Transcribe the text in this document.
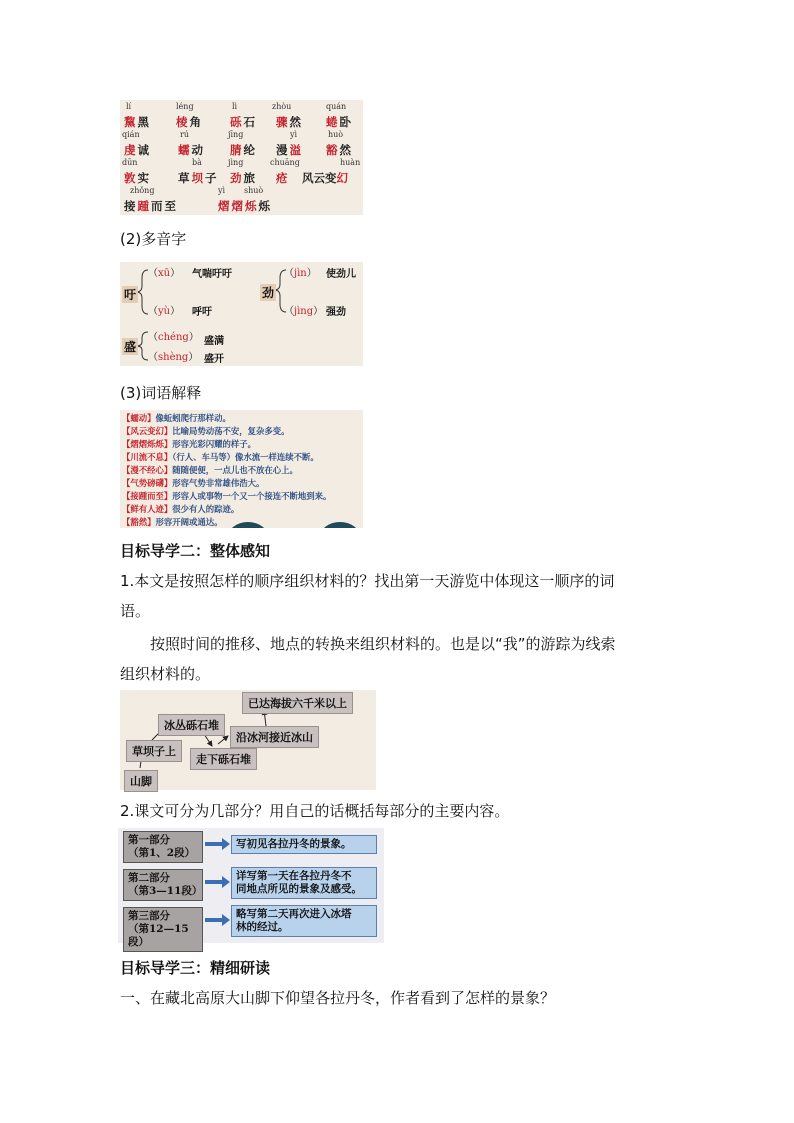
lí	léng	lì	zhòu	quán
黧黑 棱角 砾石 骤然 蜷卧
qián	rú	jīng	yì	huò
虔诚 蠕动 腈纶 漫溢 豁然
dūn	bà	jìng	chuāng	huàn
敦实 草坝子 劲旅 疮 风云变幻
zhǒng	yì shuò
接踵而至	熠熠烁烁
(2)多音字
吁
（xū） 气喘吁吁
（yù） 呼吁
劲
（jìn） 使劲儿
（jìng） 强劲
盛
（chéng） 盛满
（shèng） 盛开
(3)词语解释
【蠕动】像蚯蚓爬行那样动。
【风云变幻】比喻局势动荡不安，复杂多变。
【熠熠烁烁】形容光彩闪耀的样子。
【川流不息】（行人、车马等）像水流一样连续不断。
【漫不经心】随随便便，一点儿也不放在心上。
【气势磅礴】形容气势非常雄伟浩大。
【接踵而至】形容人或事物一个又一个接连不断地到来。
【鲜有人迹】很少有人的踪迹。
【豁然】形容开阔或通达。
目标导学二：整体感知
1.本文是按照怎样的顺序组织材料的？找出第一天游览中体现这一顺序的词
语。
按照时间的推移、地点的转换来组织材料的。也是以“我”的游踪为线索
组织材料的。
山脚
草坝子上
冰丛砾石堆
走下砾石堆
沿冰河接近冰山
已达海拔六千米以上
2.课文可分为几部分？用自己的话概括每部分的主要内容。
第一部分
（第1、2段）
写初见各拉丹冬的景象。
第二部分
（第3—11段）
详写第一天在各拉丹冬不
同地点所见的景象及感受。
第三部分
（第12—15段）
略写第二天再次进入冰塔
林的经过。
目标导学三：精细研读
一、在藏北高原大山脚下仰望各拉丹冬，作者看到了怎样的景象？
